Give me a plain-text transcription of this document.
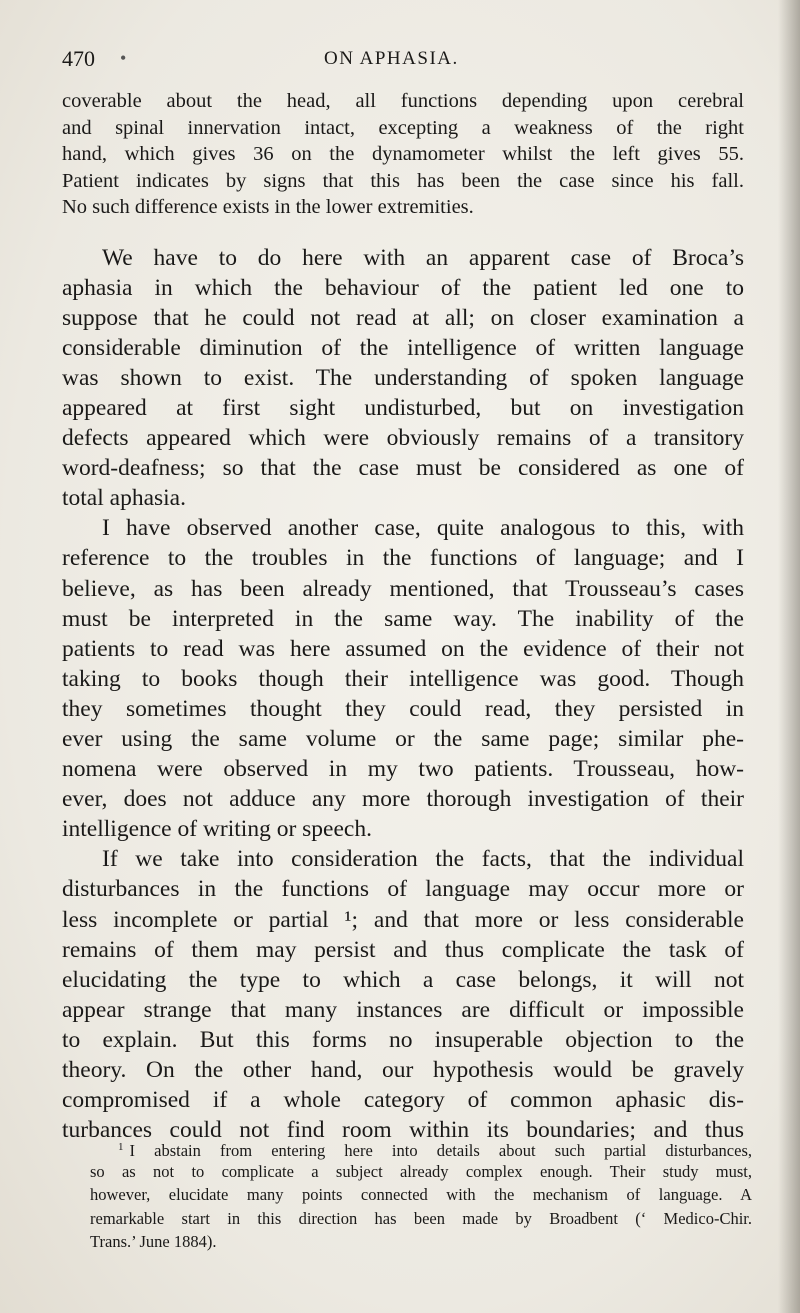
470 •	ON APHASIA.
coverable about the head, all functions depending upon cerebral
and spinal innervation intact, excepting a weakness of the right
hand, which gives 36 on the dynamometer whilst the left gives 55.
Patient indicates by signs that this has been the case since his fall.
No such difference exists in the lower extremities.
We have to do here with an apparent case of Broca’s
aphasia in which the behaviour of the patient led one to
suppose that he could not read at all; on closer examination a
considerable diminution of the intelligence of written language
was shown to exist. The understanding of spoken language
appeared at first sight undisturbed, but on investigation
defects appeared which were obviously remains of a transitory
word-deafness; so that the case must be considered as one of
total aphasia.
I have observed another case, quite analogous to this, with
reference to the troubles in the functions of language; and I
believe, as has been already mentioned, that Trousseau’s cases
must be interpreted in the same way. The inability of the
patients to read was here assumed on the evidence of their not
taking to books though their intelligence was good. Though
they sometimes thought they could read, they persisted in
ever using the same volume or the same page; similar phe-
nomena were observed in my two patients. Trousseau, how-
ever, does not adduce any more thorough investigation of their
intelligence of writing or speech.
If we take into consideration the facts, that the individual
disturbances in the functions of language may occur more or
less incomplete or partial ¹; and that more or less considerable
remains of them may persist and thus complicate the task of
elucidating the type to which a case belongs, it will not
appear strange that many instances are difficult or impossible
to explain. But this forms no insuperable objection to the
theory. On the other hand, our hypothesis would be gravely
compromised if a whole category of common aphasic dis-
turbances could not find room within its boundaries; and thus
$^1$ I abstain from entering here into details about such partial disturbances,
so as not to complicate a subject already complex enough. Their study must,
however, elucidate many points connected with the mechanism of language. A
remarkable start in this direction has been made by Broadbent (‘ Medico-Chir.
Trans.’ June 1884).
